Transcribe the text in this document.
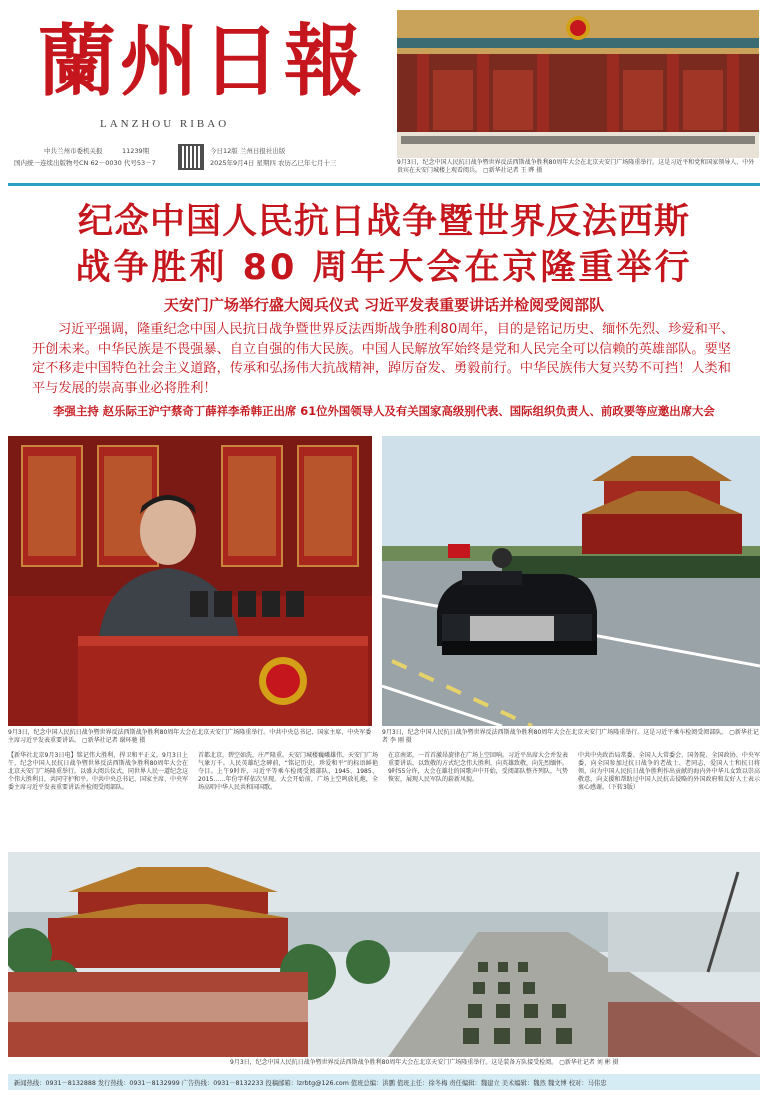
蘭州日報
LANZHOU RIBAO
中共兰州市委机关报	11239期
国内统一连续出版物号CN 62－0030 代号53－7
今日12版 兰州日报社出版
2025年9月4日 星期四 农历乙巳年七月十三	9月3日，纪念中国人民抗日战争暨世界反法西斯战争胜利80周年大会在北京天安门广场隆重举行。这是习近平和党和国家领导人、中外贵宾在天安门城楼上观看阅兵。 ▢新华社记者 王 晔 摄
纪念中国人民抗日战争暨世界反法西斯
战争胜利 80 周年大会在京隆重举行
天安门广场举行盛大阅兵仪式 习近平发表重要讲话并检阅受阅部队
习近平强调，隆重纪念中国人民抗日战争暨世界反法西斯战争胜利80周年，目的是铭记历史、缅怀先烈、珍爱和平、开创未来。中华民族是不畏强暴、自立自强的伟大民族。中国人民解放军始终是党和人民完全可以信赖的英雄部队。要坚定不移走中国特色社会主义道路，传承和弘扬伟大抗战精神，踔厉奋发、勇毅前行。中华民族伟大复兴势不可挡！人类和平与发展的崇高事业必将胜利！
李强主持 赵乐际王沪宁蔡奇丁薛祥李希韩正出席 61位外国领导人及有关国家高级别代表、国际组织负责人、前政要等应邀出席大会
9月3日，纪念中国人民抗日战争暨世界反法西斯战争胜利80周年大会在北京天安门广场隆重举行。中共中央总书记、国家主席、中央军委主席习近平发表重要讲话。 ▢新华社记者 谢环驰 摄
9月3日，纪念中国人民抗日战争暨世界反法西斯战争胜利80周年大会在北京天安门广场隆重举行。这是习近平乘车检阅受阅部队。 ▢新华社记者 李 刚 摄
【新华社北京9月3日电】铭记伟大胜利，捍卫和平正义。9月3日上午，纪念中国人民抗日战争暨世界反法西斯战争胜利80周年大会在北京天安门广场隆重举行，以盛大阅兵仪式，同世界人民一道纪念这个伟大胜利日，共同守护和平。中共中央总书记、国家主席、中央军委主席习近平发表重要讲话并检阅受阅部队。
首都北京，碧空如洗，庄严隆重。天安门城楼巍峨雄伟，天安门广场气象万千。人民英雄纪念碑前，“铭记历史，珍爱和平”的标语鲜艳夺目。上午9时许，习近平等乘车检阅受阅部队，1945、1985、2015……年份字样依次呈现。大会开始前，广场上空鸣放礼炮，全场高唱中华人民共和国国歌。
在京南郊，一首首激昂旋律在广场上空回响。习近平出席大会并发表重要讲话，以致敬的方式纪念伟大胜利，向英雄致敬，向先烈缅怀。9时55分许，大会在雄壮的国歌声中开始，受阅部队整齐列队，气势恢宏，展现人民军队的崭新风貌。
中共中央政治局常委、全国人大常委会、国务院、全国政协、中央军委，向全国参加过抗日战争的老战士、老同志，爱国人士和抗日将领，向为中国人民抗日战争胜利作出贡献的海内外中华儿女致以崇高敬意，向支援和帮助过中国人民抗击侵略的外国政府和友好人士表示衷心感谢。（下转3版）
9月3日，纪念中国人民抗日战争暨世界反法西斯战争胜利80周年大会在北京天安门广场隆重举行。这是装备方队接受检阅。 ▢新华社记者 刘 彬 摄
新闻热线：0931－8132888 发行热线：0931－8132999 广告热线：0931－8132233 投稿邮箱：lzrbtg@126.com 值班总编：洪鹏 值班主任：徐冬梅 责任编辑：魏建立 美术编辑：魏然 魏文博 校对：马伟忠
